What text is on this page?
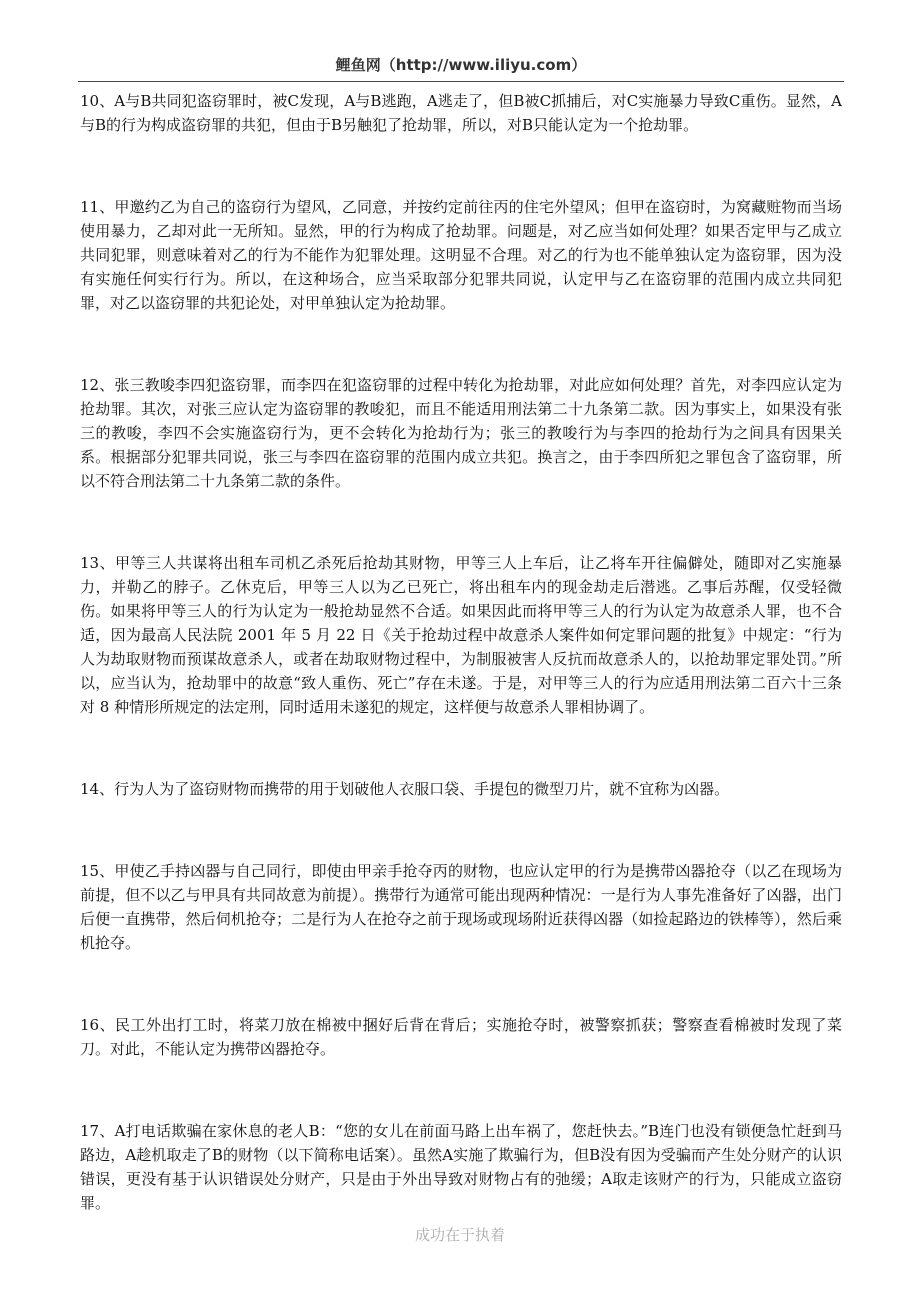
鲤鱼网（http://www.iliyu.com）

10、A与B共同犯盗窃罪时，被C发现，A与B逃跑，A逃走了，但B被C抓捕后，对C实施暴力导致C重伤。显然，A与B的行为构成盗窃罪的共犯，但由于B另触犯了抢劫罪，所以，对B只能认定为一个抢劫罪。

11、甲邀约乙为自己的盗窃行为望风，乙同意，并按约定前往丙的住宅外望风；但甲在盗窃时，为窝藏赃物而当场使用暴力，乙却对此一无所知。显然，甲的行为构成了抢劫罪。问题是，对乙应当如何处理？如果否定甲与乙成立共同犯罪，则意味着对乙的行为不能作为犯罪处理。这明显不合理。对乙的行为也不能单独认定为盗窃罪，因为没有实施任何实行行为。所以，在这种场合，应当采取部分犯罪共同说，认定甲与乙在盗窃罪的范围内成立共同犯罪，对乙以盗窃罪的共犯论处，对甲单独认定为抢劫罪。

12、张三教唆李四犯盗窃罪，而李四在犯盗窃罪的过程中转化为抢劫罪，对此应如何处理？首先，对李四应认定为抢劫罪。其次，对张三应认定为盗窃罪的教唆犯，而且不能适用刑法第二十九条第二款。因为事实上，如果没有张三的教唆，李四不会实施盗窃行为，更不会转化为抢劫行为；张三的教唆行为与李四的抢劫行为之间具有因果关系。根据部分犯罪共同说，张三与李四在盗窃罪的范围内成立共犯。换言之，由于李四所犯之罪包含了盗窃罪，所以不符合刑法第二十九条第二款的条件。

13、甲等三人共谋将出租车司机乙杀死后抢劫其财物，甲等三人上车后，让乙将车开往偏僻处，随即对乙实施暴力，并勒乙的脖子。乙休克后，甲等三人以为乙已死亡，将出租车内的现金劫走后潜逃。乙事后苏醒，仅受轻微伤。如果将甲等三人的行为认定为一般抢劫显然不合适。如果因此而将甲等三人的行为认定为故意杀人罪，也不合适，因为最高人民法院 2001 年 5 月 22 日《关于抢劫过程中故意杀人案件如何定罪问题的批复》中规定：“行为人为劫取财物而预谋故意杀人，或者在劫取财物过程中，为制服被害人反抗而故意杀人的，以抢劫罪定罪处罚。”所以，应当认为，抢劫罪中的故意“致人重伤、死亡”存在未遂。于是，对甲等三人的行为应适用刑法第二百六十三条对 8 种情形所规定的法定刑，同时适用未遂犯的规定，这样便与故意杀人罪相协调了。

14、行为人为了盗窃财物而携带的用于划破他人衣服口袋、手提包的微型刀片，就不宜称为凶器。

15、甲使乙手持凶器与自己同行，即使由甲亲手抢夺丙的财物，也应认定甲的行为是携带凶器抢夺（以乙在现场为前提，但不以乙与甲具有共同故意为前提）。携带行为通常可能出现两种情况：一是行为人事先准备好了凶器，出门后便一直携带，然后伺机抢夺；二是行为人在抢夺之前于现场或现场附近获得凶器（如捡起路边的铁棒等），然后乘机抢夺。

16、民工外出打工时，将菜刀放在棉被中捆好后背在背后；实施抢夺时，被警察抓获；警察查看棉被时发现了菜刀。对此，不能认定为携带凶器抢夺。

17、A打电话欺骗在家休息的老人B：“您的女儿在前面马路上出车祸了，您赶快去。”B连门也没有锁便急忙赶到马路边，A趁机取走了B的财物（以下简称电话案）。虽然A实施了欺骗行为，但B没有因为受骗而产生处分财产的认识错误，更没有基于认识错误处分财产，只是由于外出导致对财物占有的弛缓；A取走该财产的行为，只能成立盗窃罪。

成功在于执着
